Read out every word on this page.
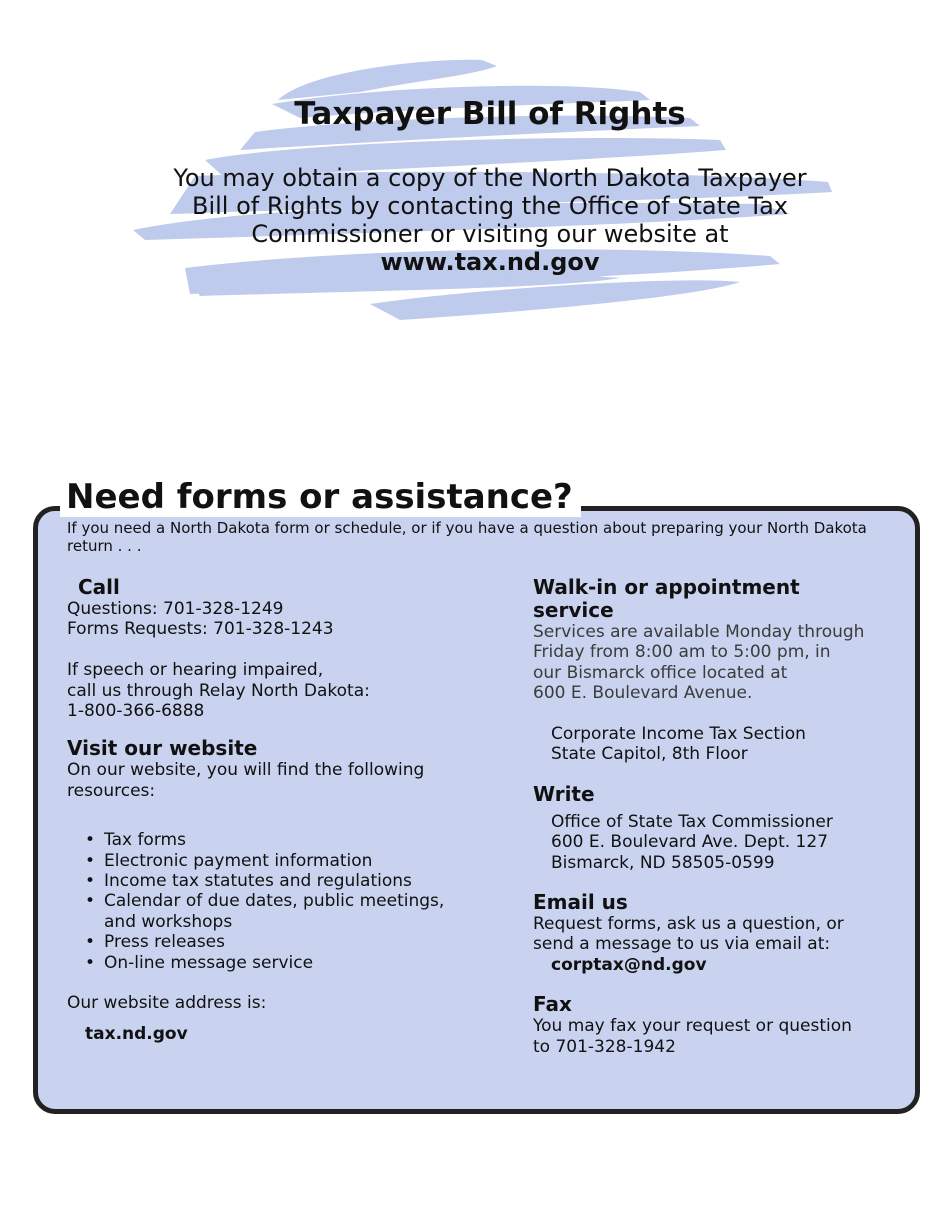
Taxpayer Bill of Rights

You may obtain a copy of the North Dakota Taxpayer
Bill of Rights by contacting the Office of State Tax
Commissioner or visiting our website at
www.tax.nd.gov

Need forms or assistance?

If you need a North Dakota form or schedule, or if you have a question about preparing your North Dakota return . . .

Call
Questions: 701-328-1249
Forms Requests: 701-328-1243
If speech or hearing impaired,
call us through Relay North Dakota:
1-800-366-6888
Visit our website
On our website, you will find the following
resources:
• Tax forms
• Electronic payment information
• Income tax statutes and regulations
• Calendar of due dates, public meetings,
and workshops
• Press releases
• On-line message service
Our website address is:
tax.nd.gov
Walk-in or appointment
service
Services are available Monday through
Friday from 8:00 am to 5:00 pm, in
our Bismarck office located at
600 E. Boulevard Avenue.
Corporate Income Tax Section
State Capitol, 8th Floor
Write
Office of State Tax Commissioner
600 E. Boulevard Ave. Dept. 127
Bismarck, ND 58505-0599
Email us
Request forms, ask us a question, or
send a message to us via email at:
corptax@nd.gov
Fax
You may fax your request or question
to 701-328-1942
